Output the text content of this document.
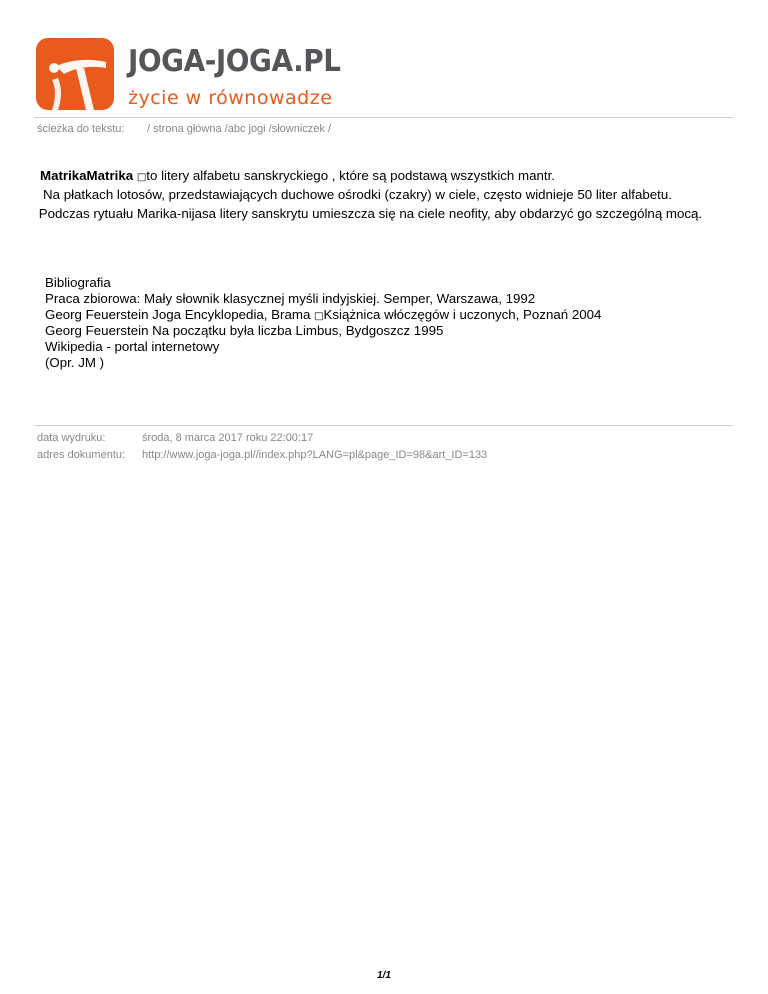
JOGA-JOGA.PL
życie w równowadze
ścieżka do tekstu: / strona główna /abc jogi /słowniczek /
MatrikaMatrika □to litery alfabetu sanskryckiego , które są podstawą wszystkich mantr.
Na płatkach lotosów, przedstawiających duchowe ośrodki (czakry) w ciele, często widnieje 50 liter alfabetu.
Podczas rytuału Marika-nijasa litery sanskrytu umieszcza się na ciele neofity, aby obdarzyć go szczególną mocą.
Bibliografia
Praca zbiorowa: Mały słownik klasycznej myśli indyjskiej. Semper, Warszawa, 1992
Georg Feuerstein Joga Encyklopedia, Brama □Książnica włóczęgów i uczonych, Poznań 2004
Georg Feuerstein Na początku była liczba Limbus, Bydgoszcz 1995
Wikipedia - portal internetowy
(Opr. JM )
data wydruku:	środa, 8 marca 2017 roku 22:00:17
adres dokumentu: http://www.joga-joga.pl//index.php?LANG=pl&page_ID=98&art_ID=133
1/1
